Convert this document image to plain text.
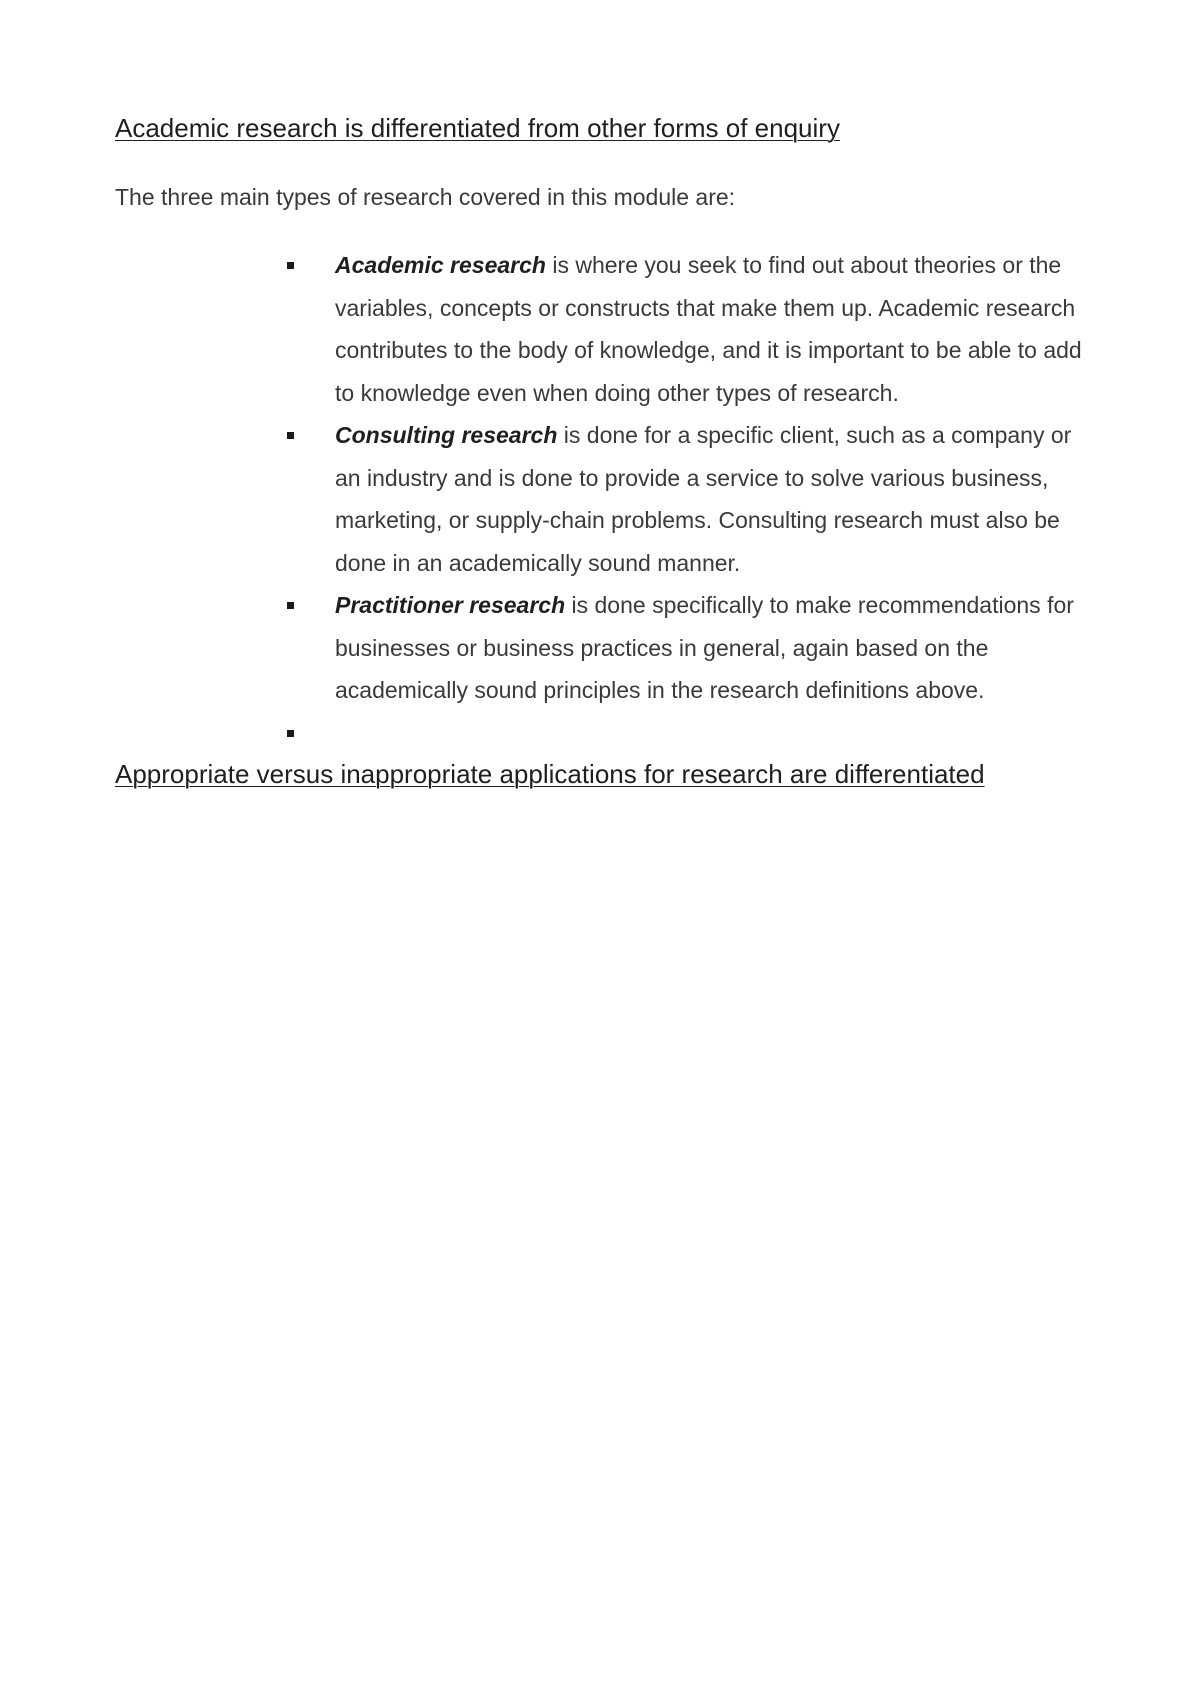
Academic research is differentiated from other forms of enquiry

The three main types of research covered in this module are:

Academic research is where you seek to find out about theories or the variables, concepts or constructs that make them up. Academic research contributes to the body of knowledge, and it is important to be able to add to knowledge even when doing other types of research.
Consulting research is done for a specific client, such as a company or an industry and is done to provide a service to solve various business, marketing, or supply-chain problems. Consulting research must also be done in an academically sound manner.
Practitioner research is done specifically to make recommendations for businesses or business practices in general, again based on the academically sound principles in the research definitions above.
Appropriate versus inappropriate applications for research are differentiated
